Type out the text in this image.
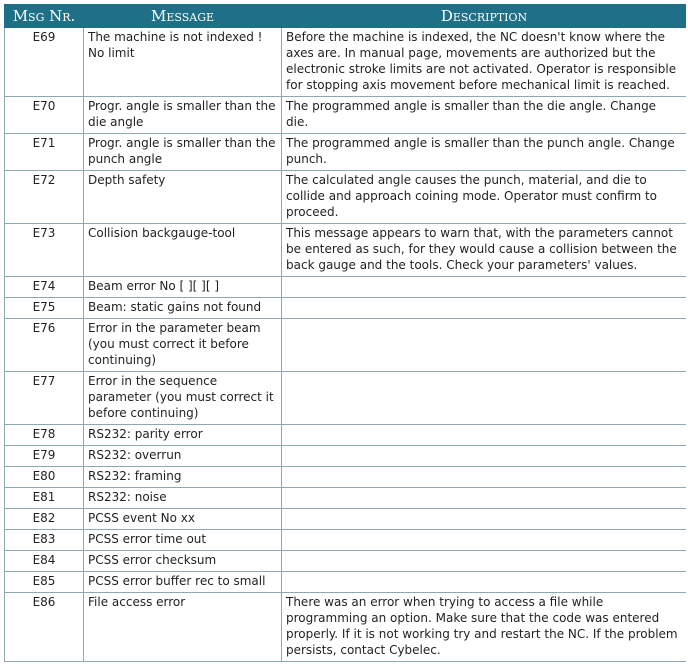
Msg Nr.	Message	Description
E69	The machine is not indexed ! No limit	Before the machine is indexed, the NC doesn't know where the axes are. In manual page, movements are authorized but the electronic stroke limits are not activated. Operator is responsible for stopping axis movement before mechanical limit is reached.
E70	Progr. angle is smaller than the die angle	The programmed angle is smaller than the die angle. Change die.
E71	Progr. angle is smaller than the punch angle	The programmed angle is smaller than the punch angle. Change punch.
E72	Depth safety	The calculated angle causes the punch, material, and die to collide and approach coining mode. Operator must confirm to proceed.
E73	Collision backgauge-tool	This message appears to warn that, with the parameters cannot be entered as such, for they would cause a collision between the back gauge and the tools. Check your parameters' values.
E74	Beam error No [ ][ ][ ]	
E75	Beam: static gains not found	
E76	Error in the parameter beam (you must correct it before continuing)	
E77	Error in the sequence parameter (you must correct it before continuing)	
E78	RS232: parity error	
E79	RS232: overrun	
E80	RS232: framing	
E81	RS232: noise	
E82	PCSS event No xx	
E83	PCSS error time out	
E84	PCSS error checksum	
E85	PCSS error buffer rec to small	
E86	File access error	There was an error when trying to access a file while programming an option. Make sure that the code was entered properly. If it is not working try and restart the NC. If the problem persists, contact Cybelec.
